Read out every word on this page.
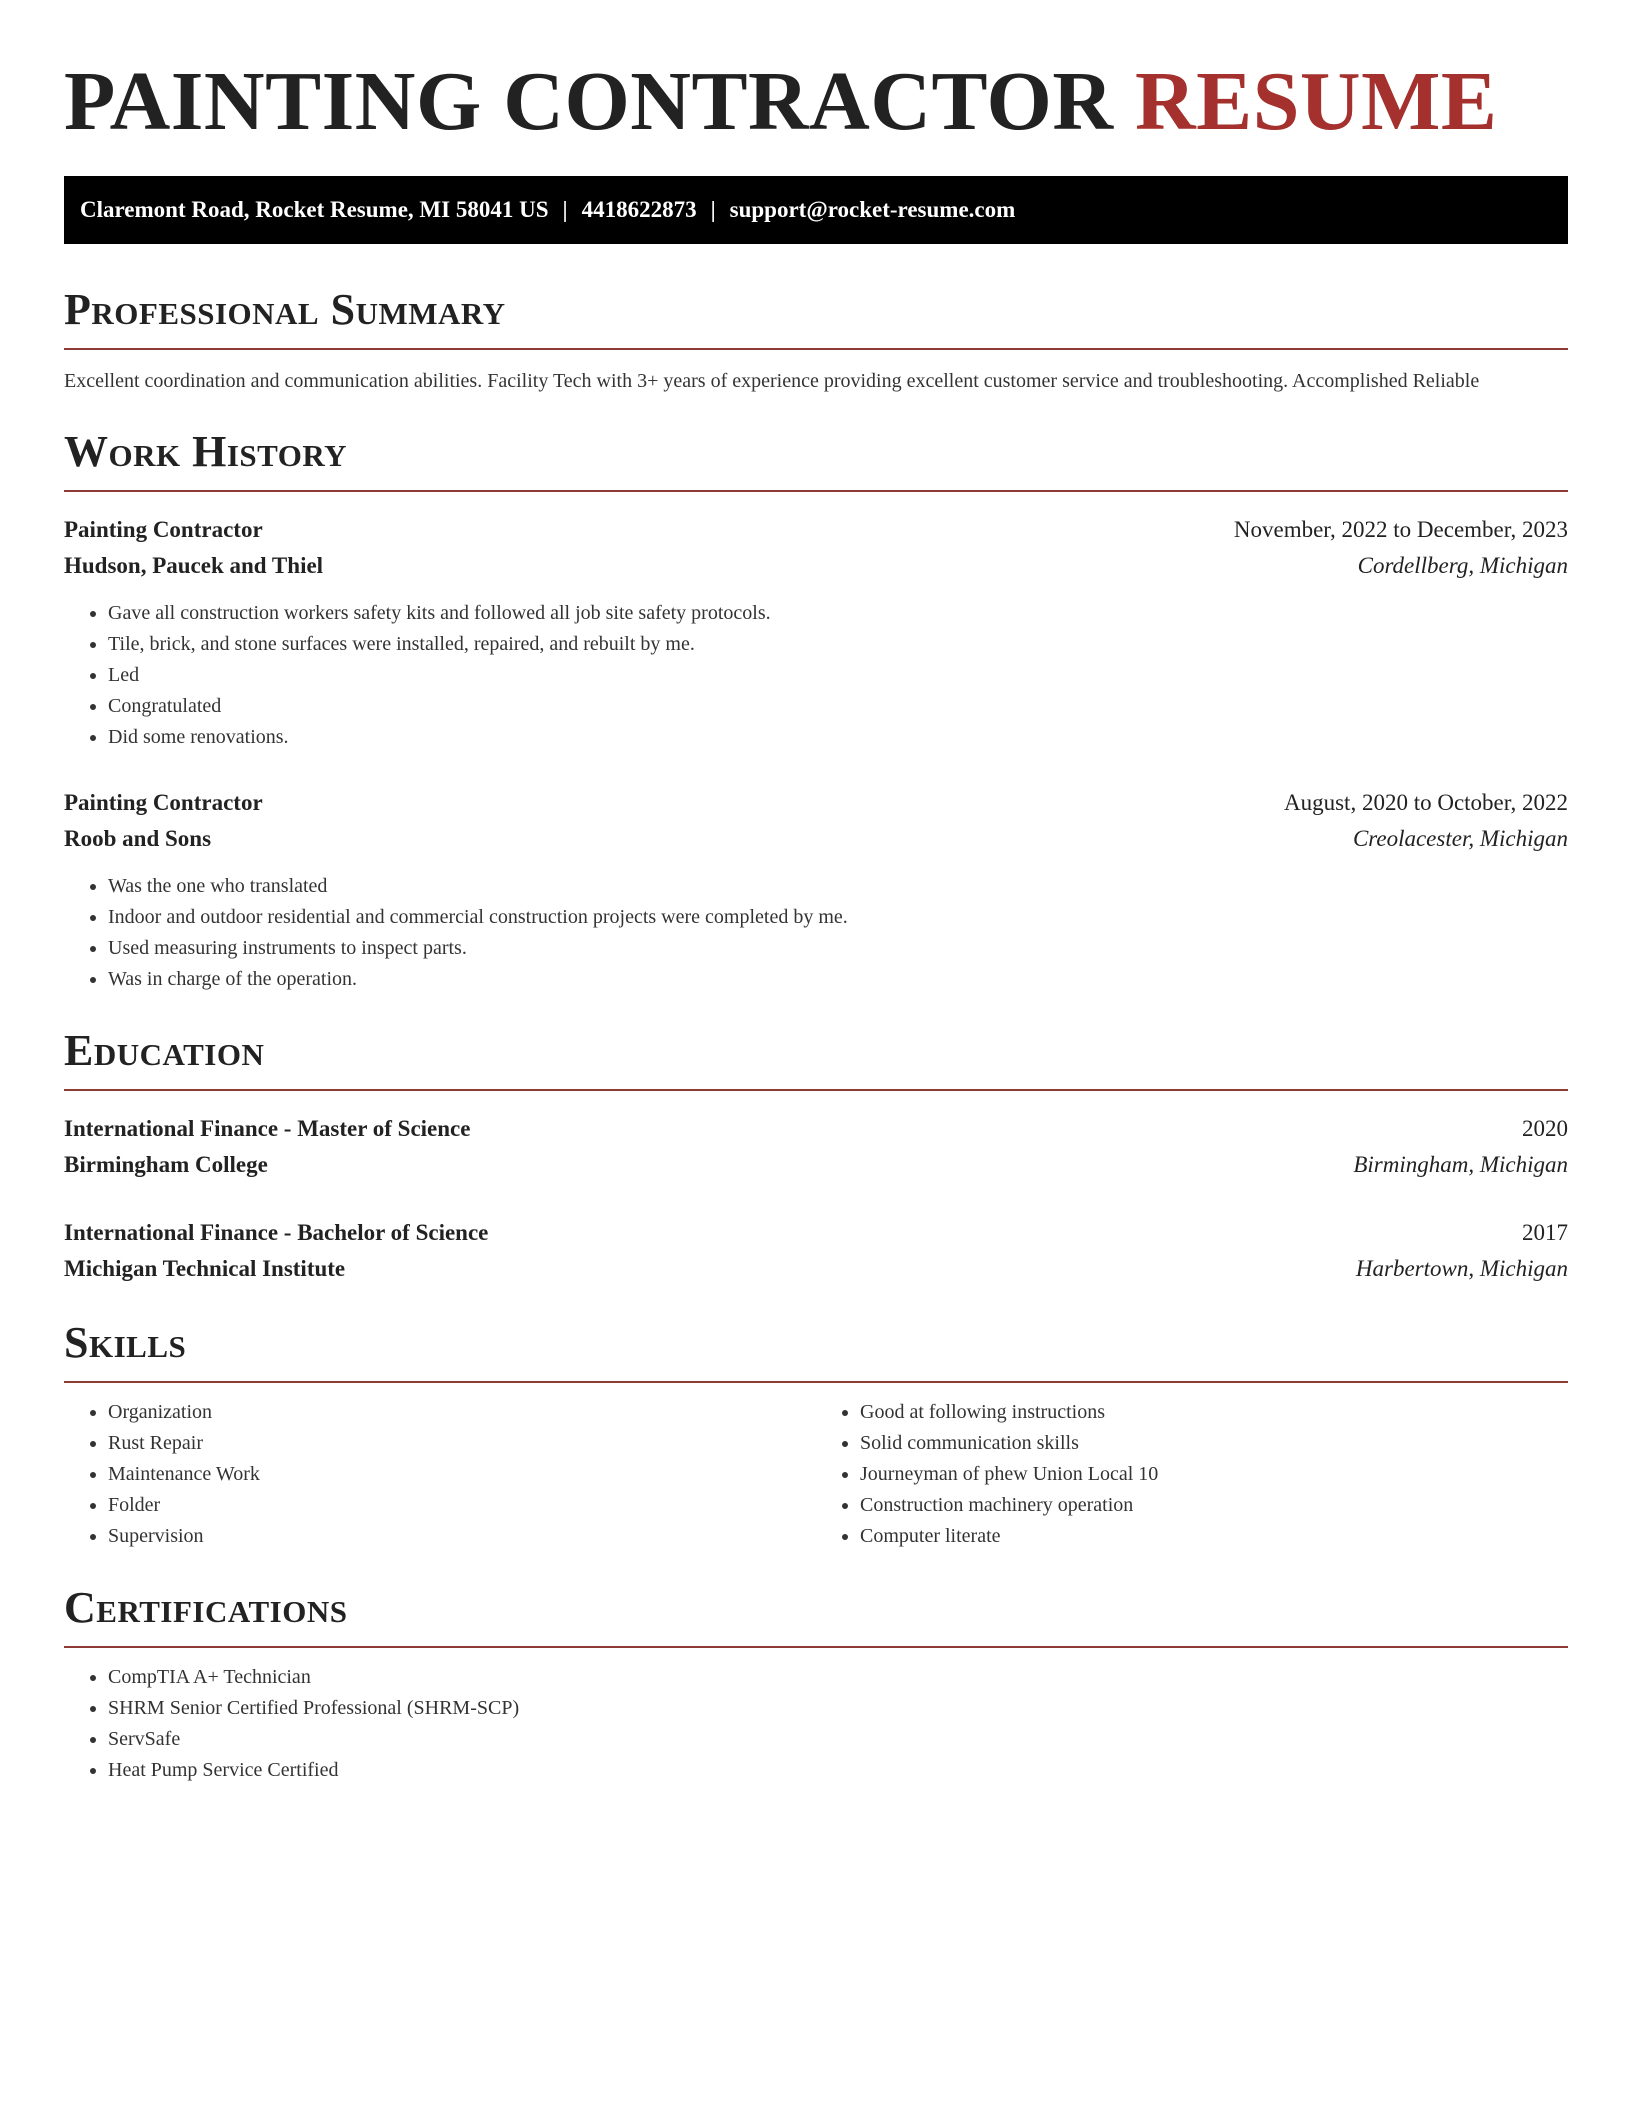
PAINTING CONTRACTOR RESUME
Claremont Road, Rocket Resume, MI 58041 US | 4418622873 | support@rocket-resume.com
Professional Summary

Excellent coordination and communication abilities. Facility Tech with 3+ years of experience providing excellent customer service and troubleshooting. Accomplished Reliable

Work History
Painting Contractor	November, 2022 to December, 2023
Hudson, Paucek and Thiel	Cordellberg, Michigan
• Gave all construction workers safety kits and followed all job site safety protocols.
• Tile, brick, and stone surfaces were installed, repaired, and rebuilt by me.
• Led
• Congratulated
• Did some renovations.
Painting Contractor	August, 2020 to October, 2022
Roob and Sons	Creolacester, Michigan
• Was the one who translated
• Indoor and outdoor residential and commercial construction projects were completed by me.
• Used measuring instruments to inspect parts.
• Was in charge of the operation.
Education
International Finance - Master of Science	2020
Birmingham College	Birmingham, Michigan
International Finance - Bachelor of Science	2017
Michigan Technical Institute	Harbertown, Michigan
Skills
• Organization
• Rust Repair
• Maintenance Work
• Folder
• Supervision
• Good at following instructions
• Solid communication skills
• Journeyman of phew Union Local 10
• Construction machinery operation
• Computer literate
Certifications
• CompTIA A+ Technician
• SHRM Senior Certified Professional (SHRM-SCP)
• ServSafe
• Heat Pump Service Certified
